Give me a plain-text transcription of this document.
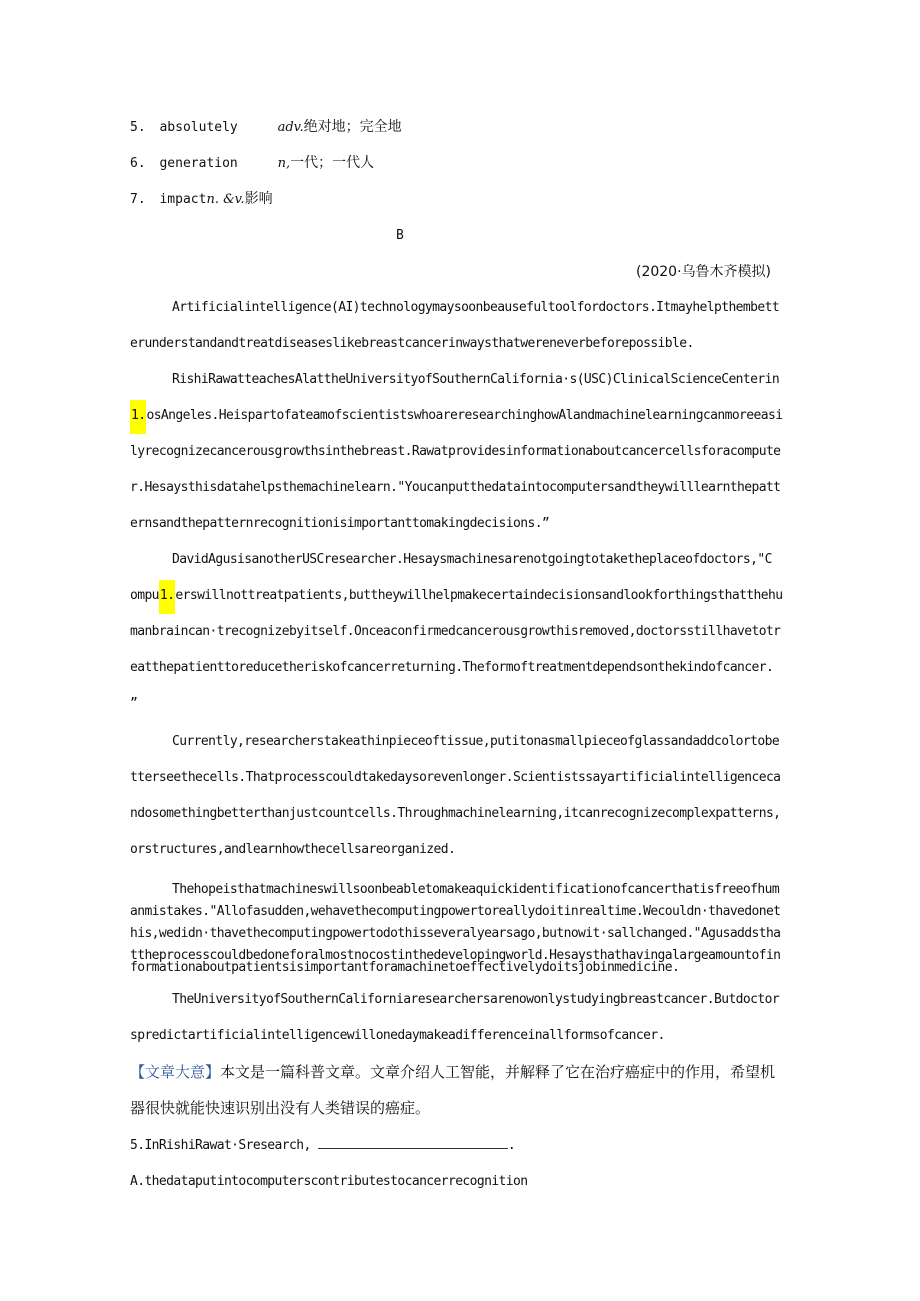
5. absolutely	adv.绝对地；完全地
6. generation	n,一代；一代人
7. impactn. &v.影响
B
(2020·乌鲁木齐模拟)
Artificialintelligence(AI)technologymaysoonbeausefultoolfordoctors.Itmayhelpthembett
erunderstandandtreatdiseaseslikebreastcancerinwaysthatwereneverbeforepossible.
RishiRawatteachesAlattheUniversityofSouthernCalifornia·s(USC)ClinicalScienceCenterin
1.osAngeles.HeispartofateamofscientistswhoareresearchinghowAlandmachinelearningcanmoreeasi
lyrecognizecancerousgrowthsinthebreast.Rawatprovidesinformationaboutcancercellsforacompute
r.Hesaysthisdatahelpsthemachinelearn."Youcanputthedataintocomputersandtheywilllearnthepatt
ernsandthepatternrecognitionisimportanttomakingdecisions.”
DavidAgusisanotherUSCresearcher.Hesaysmachinesarenotgoingtotaketheplaceofdoctors,"C
ompu1.erswillnottreatpatients,buttheywillhelpmakecertaindecisionsandlookforthingsthatthehu
manbraincan·trecognizebyitself.Onceaconfirmedcancerousgrowthisremoved,doctorsstillhavetotr
eatthepatienttoreducetheriskofcancerreturning.Theformoftreatmentdependsonthekindofcancer.
”
Currently,researcherstakeathinpieceoftissue,putitonasmallpieceofglassandaddcolortobe
tterseethecells.Thatprocesscouldtakedaysorevenlonger.Scientistssayartificialintelligenceca
ndosomethingbetterthanjustcountcells.Throughmachinelearning,itcanrecognizecomplexpatterns,
orstructures,andlearnhowthecellsareorganized.
Thehopeisthatmachineswillsoonbeabletomakeaquickidentificationofcancerthatisfreeofhum
anmistakes."Allofasudden,wehavethecomputingpowertoreallydoitinrealtime.Wecouldn·thavedonet
his,wedidn·thavethecomputingpowertodothisseveralyearsago,butnowit·sallchanged."Agusaddstha
ttheprocesscouldbedoneforalmostnocostinthedevelopingworld.Hesaysthathavingalargeamountofin
formationaboutpatientsisimportantforamachinetoeffectivelydoitsjobinmedicine.
TheUniversityofSouthernCaliforniaresearchersarenowonlystudyingbreastcancer.Butdoctor
spredictartificialintelligencewillonedaymakeadifferenceinallformsofcancer.
【文章大意】本文是一篇科普文章。文章介绍人工智能，并解释了它在治疗癌症中的作用，希望机
器很快就能快速识别出没有人类错误的癌症。
5.InRishiRawat·Sresearch,	.
A.thedataputintocomputerscontributestocancerrecognition
